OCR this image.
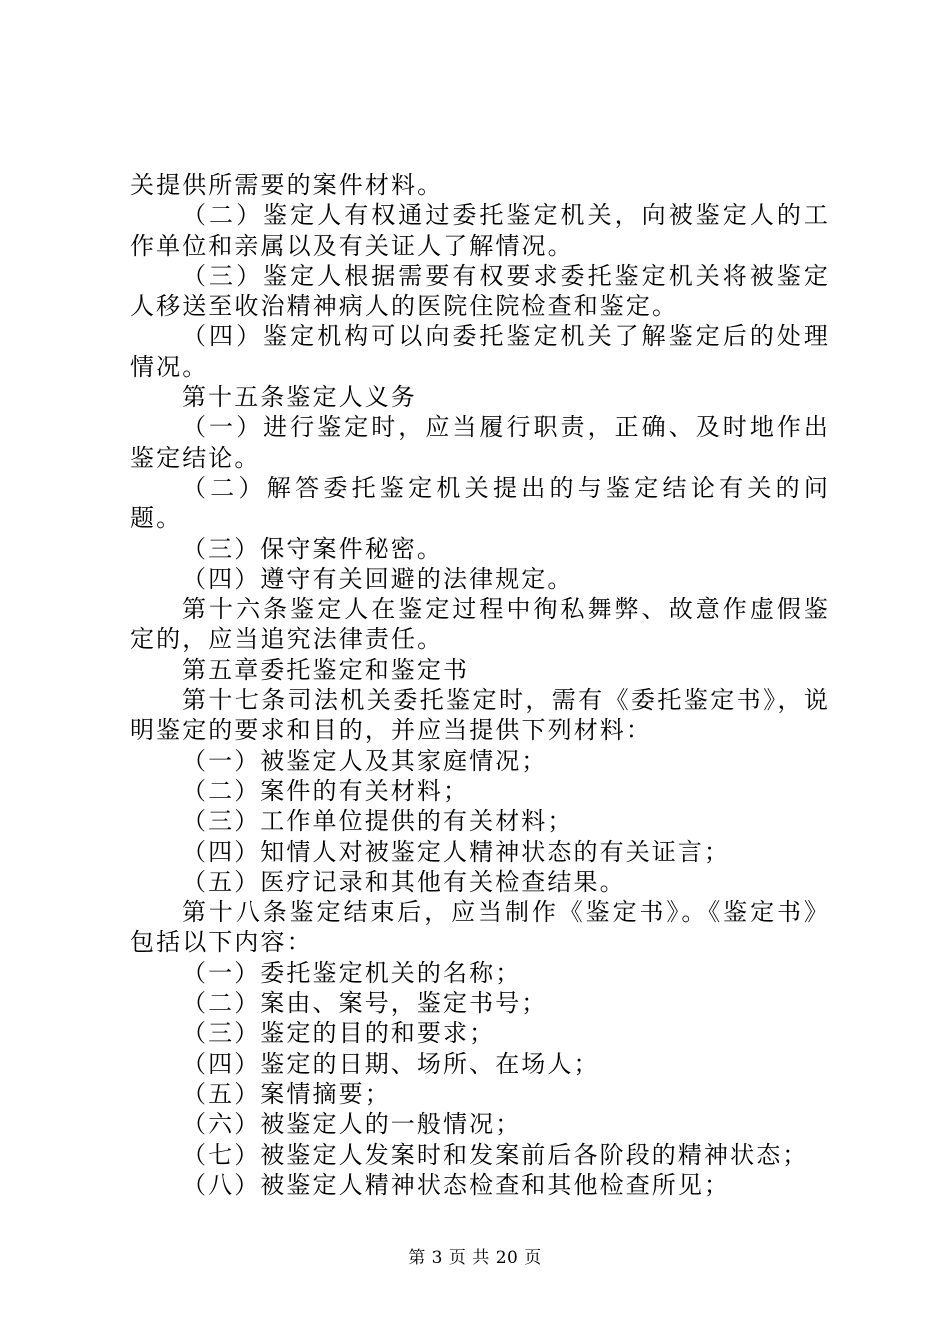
关提供所需要的案件材料。

（二）鉴定人有权通过委托鉴定机关，向被鉴定人的工作单位和亲属以及有关证人了解情况。

（三）鉴定人根据需要有权要求委托鉴定机关将被鉴定人移送至收治精神病人的医院住院检查和鉴定。

（四）鉴定机构可以向委托鉴定机关了解鉴定后的处理情况。

第十五条鉴定人义务

（一）进行鉴定时，应当履行职责，正确、及时地作出鉴定结论。

（二）解答委托鉴定机关提出的与鉴定结论有关的问题。

（三）保守案件秘密。

（四）遵守有关回避的法律规定。

第十六条鉴定人在鉴定过程中徇私舞弊、故意作虚假鉴定的，应当追究法律责任。

第五章委托鉴定和鉴定书

第十七条司法机关委托鉴定时，需有《委托鉴定书》，说明鉴定的要求和目的，并应当提供下列材料：

（一）被鉴定人及其家庭情况；

（二）案件的有关材料；

（三）工作单位提供的有关材料；

（四）知情人对被鉴定人精神状态的有关证言；

（五）医疗记录和其他有关检查结果。

第十八条鉴定结束后，应当制作《鉴定书》。《鉴定书》包括以下内容：

（一）委托鉴定机关的名称；

（二）案由、案号，鉴定书号；

（三）鉴定的目的和要求；

（四）鉴定的日期、场所、在场人；

（五）案情摘要；

（六）被鉴定人的一般情况；

（七）被鉴定人发案时和发案前后各阶段的精神状态；

（八）被鉴定人精神状态检查和其他检查所见；

第 3 页 共 20 页
